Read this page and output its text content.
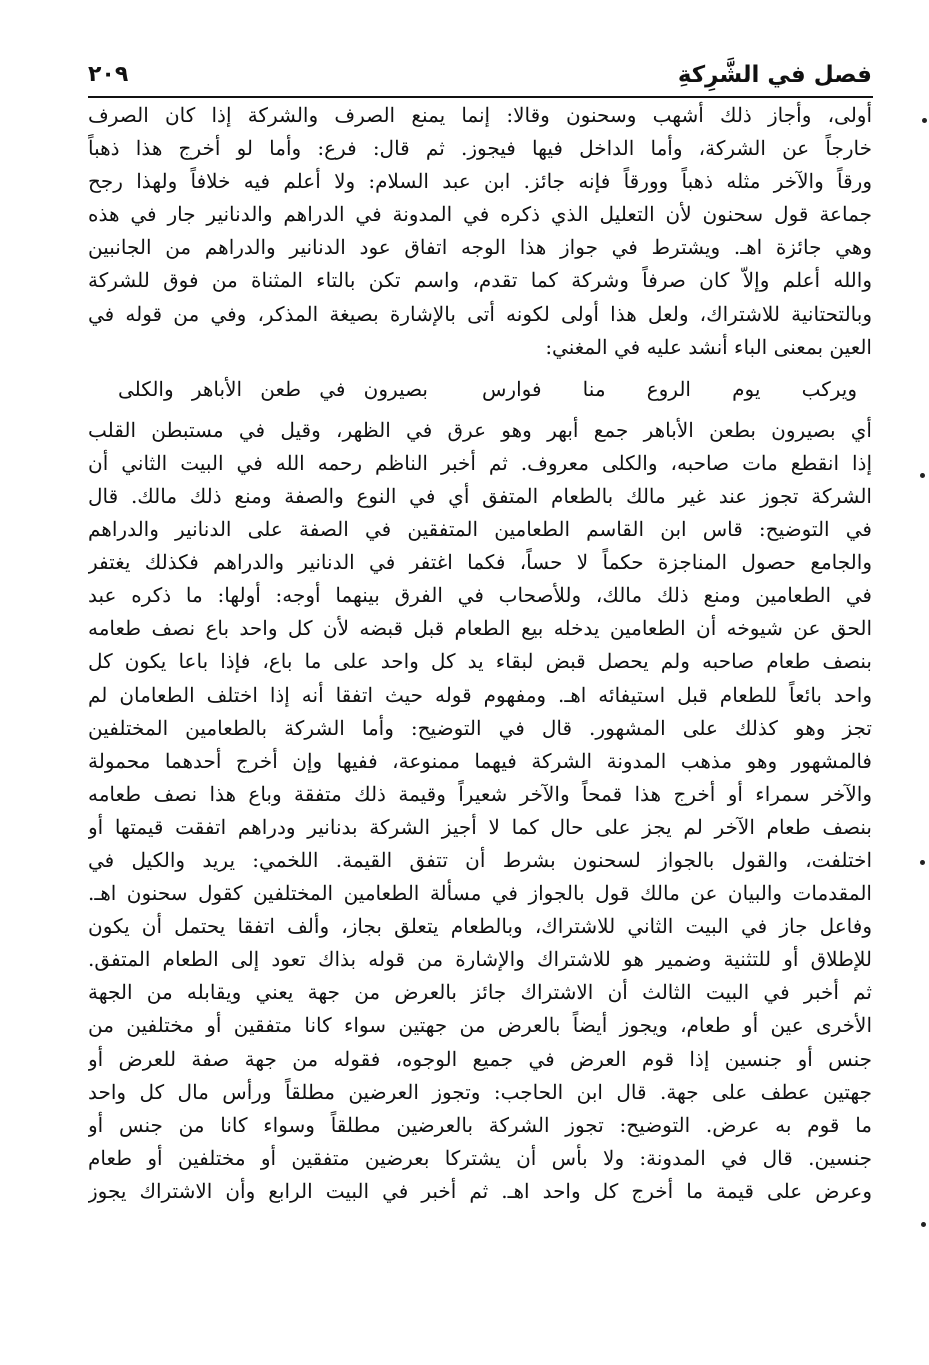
فصل في الشَّرِكةِ
٢٠٩
أولى، وأجاز ذلك أشهب وسحنون وقالا: إنما يمنع الصرف والشركة إذا كان الصرف
خارجاً عن الشركة، وأما الداخل فيها فيجوز. ثم قال: فرع: وأما لو أخرج هذا ذهباً
ورقاً والآخر مثله ذهباً وورقاً فإنه جائز. ابن عبد السلام: ولا أعلم فيه خلافاً ولهذا رجح
جماعة قول سحنون لأن التعليل الذي ذكره في المدونة في الدراهم والدنانير جار في هذه
وهي جائزة اهـ. ويشترط في جواز هذا الوجه اتفاق عود الدنانير والدراهم من الجانبين
والله أعلم وإلاّ كان صرفاً وشركة كما تقدم، واسم تكن بالتاء المثناة من فوق للشركة
وبالتحتانية للاشتراك، ولعل هذا أولى لكونه أتى بالإشارة بصيغة المذكر، وفي من قوله في
العين بمعنى الباء أنشد عليه في المغني:
ويركب يوم الروع منا فوارس
بصيرون في طعن الأباهر والكلى
أي بصيرون بطعن الأباهر جمع أبهر وهو عرق في الظهر، وقيل في مستبطن القلب
إذا انقطع مات صاحبه، والكلى معروف. ثم أخبر الناظم رحمه الله في البيت الثاني أن
الشركة تجوز عند غير مالك بالطعام المتفق أي في النوع والصفة ومنع ذلك مالك. قال
في التوضيح: قاس ابن القاسم الطعامين المتفقين في الصفة على الدنانير والدراهم
والجامع حصول المناجزة حكماً لا حساً، فكما اغتفر في الدنانير والدراهم فكذلك يغتفر
في الطعامين ومنع ذلك مالك، وللأصحاب في الفرق بينهما أوجه: أولها: ما ذكره عبد
الحق عن شيوخه أن الطعامين يدخله بيع الطعام قبل قبضه لأن كل واحد باع نصف طعامه
بنصف طعام صاحبه ولم يحصل قبض لبقاء يد كل واحد على ما باع، فإذا باعا يكون كل
واحد بائعاً للطعام قبل استيفائه اهـ. ومفهوم قوله حيث اتفقا أنه إذا اختلف الطعامان لم
تجز وهو كذلك على المشهور. قال في التوضيح: وأما الشركة بالطعامين المختلفين
فالمشهور وهو مذهب المدونة الشركة فيهما ممنوعة، ففيها وإن أخرج أحدهما محمولة
والآخر سمراء أو أخرج هذا قمحاً والآخر شعيراً وقيمة ذلك متفقة وباع هذا نصف طعامه
بنصف طعام الآخر لم يجز على حال كما لا أجيز الشركة بدنانير ودراهم اتفقت قيمتها أو
اختلفت، والقول بالجواز لسحنون بشرط أن تتفق القيمة. اللخمي: يريد والكيل في
المقدمات والبيان عن مالك قول بالجواز في مسألة الطعامين المختلفين كقول سحنون اهـ.
وفاعل جاز في البيت الثاني للاشتراك، وبالطعام يتعلق بجاز، وألف اتفقا يحتمل أن يكون
للإطلاق أو للتثنية وضمير هو للاشتراك والإشارة من قوله بذاك تعود إلى الطعام المتفق.
ثم أخبر في البيت الثالث أن الاشتراك جائز بالعرض من جهة يعني ويقابله من الجهة
الأخرى عين أو طعام، ويجوز أيضاً بالعرض من جهتين سواء كانا متفقين أو مختلفين من
جنس أو جنسين إذا قوم العرض في جميع الوجوه، فقوله من جهة صفة للعرض أو
جهتين عطف على جهة. قال ابن الحاجب: وتجوز العرضين مطلقاً ورأس مال كل واحد
ما قوم به عرض. التوضيح: تجوز الشركة بالعرضين مطلقاً وسواء كانا من جنس أو
جنسين. قال في المدونة: ولا بأس أن يشتركا بعرضين متفقين أو مختلفين أو طعام
وعرض على قيمة ما أخرج كل واحد اهـ. ثم أخبر في البيت الرابع وأن الاشتراك يجوز
